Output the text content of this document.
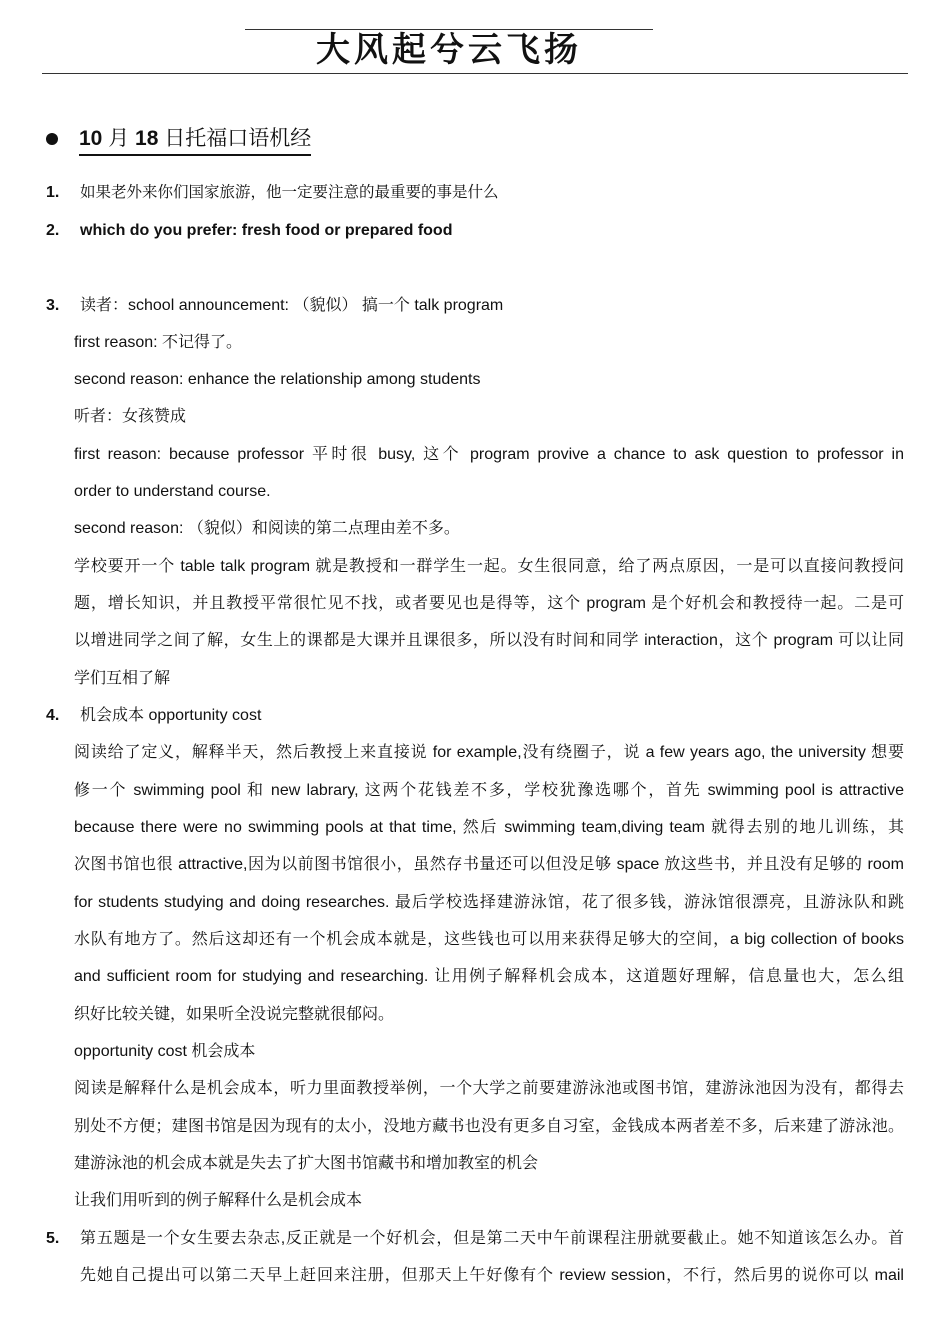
大风起兮云飞扬
10 月 18 日托福口语机经
1. 如果老外来你们国家旅游，他一定要注意的最重要的事是什么
2. which do you prefer: fresh food or prepared food
3. 读者：school announcement: （貌似） 搞一个 talk program
first reason: 不记得了。
second reason: enhance the relationship among students
听者：女孩赞成
first reason: because professor 平时很 busy, 这个 program provive a chance to ask question to professor in
order to understand course.
second reason: （貌似）和阅读的第二点理由差不多。
学校要开一个 table talk program 就是教授和一群学生一起。女生很同意，给了两点原因，一是可以直接问教授问
题，增长知识，并且教授平常很忙见不找，或者要见也是得等，这个 program 是个好机会和教授待一起。二是可
以增进同学之间了解，女生上的课都是大课并且课很多，所以没有时间和同学 interaction，这个 program 可以让同
学们互相了解
4. 机会成本 opportunity cost
阅读给了定义，解释半天，然后教授上来直接说 for example,没有绕圈子，说 a few years ago, the university 想要
修一个 swimming pool 和 new labrary, 这两个花钱差不多，学校犹豫选哪个，首先 swimming pool is attractive
because there were no swimming pools at that time, 然后 swimming team,diving team 就得去别的地儿训练，其
次图书馆也很 attractive,因为以前图书馆很小，虽然存书量还可以但没足够 space 放这些书，并且没有足够的 room
for students studying and doing researches. 最后学校选择建游泳馆，花了很多钱，游泳馆很漂亮，且游泳队和跳
水队有地方了。然后这却还有一个机会成本就是，这些钱也可以用来获得足够大的空间，a big collection of books
and sufficient room for studying and researching. 让用例子解释机会成本，这道题好理解，信息量也大，怎么组
织好比较关键，如果听全没说完整就很郁闷。
opportunity cost 机会成本
阅读是解释什么是机会成本，听力里面教授举例，一个大学之前要建游泳池或图书馆，建游泳池因为没有，都得去
别处不方便；建图书馆是因为现有的太小，没地方藏书也没有更多自习室，金钱成本两者差不多，后来建了游泳池。
建游泳池的机会成本就是失去了扩大图书馆藏书和增加教室的机会
让我们用听到的例子解释什么是机会成本
5. 第五题是一个女生要去杂志,反正就是一个好机会，但是第二天中午前课程注册就要截止。她不知道该怎么办。首
先她自己提出可以第二天早上赶回来注册，但那天上午好像有个 review session，不行，然后男的说你可以 mail
